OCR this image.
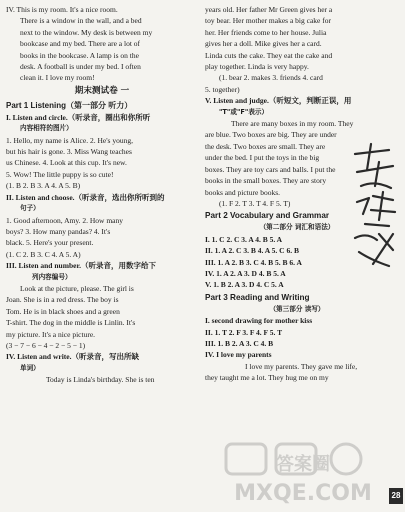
IV. This is my room. It's a nice room.
There is a window in the wall, and a bed
next to the window. My desk is between my
bookcase and my bed. There are a lot of
books in the bookcase. A lamp is on the
desk. A football is under my bed. I often
clean it. I love my room!
期末测试卷 一
Part 1 Listening（第一部分 听力）
I. Listen and circle.（听录音，圈出和你所听
内容相符的图片）
1. Hello, my name is Alice. 2. He's young,
but his hair is gone. 3. Miss Wang teaches
us Chinese. 4. Look at this cup. It's new.
5. Wow! The little puppy is so cute!
(1. B 2. B 3. A 4. A 5. B)
II. Listen and choose.（听录音，选出你所听到的
句子）
1. Good afternoon, Amy. 2. How many
boys? 3. How many pandas? 4. It's
black. 5. Here's your present.
(1. C 2. B 3. C 4. A 5. A)
III. Listen and number.（听录音，用数字给下
列内容编号）
Look at the picture, please. The girl is
Joan. She is in a red dress. The boy is
Tom. He is in black shoes and a green
T-shirt. The dog in the middle is Linlin. It's
my picture. It's a nice picture.
(3 − 7 − 6 − 4 − 2 − 5 − 1)
IV. Listen and write.（听录音，写出所缺
单词）
Today is Linda's birthday. She is ten
years old. Her father Mr Green gives her a
toy bear. Her mother makes a big cake for
her. Her friends come to her house. Julia
gives her a doll. Mike gives her a card.
Linda cuts the cake. They eat the cake and
play together. Linda is very happy.
(1. bear 2. makes 3. friends 4. card
5. together)
V. Listen and judge.（听短文，判断正误，用
"T"或"F"表示）
There are many boxes in my room. They
are blue. Two boxes are big. They are under
the desk. Two boxes are small. They are
under the bed. I put the toys in the big
boxes. They are toy cars and balls. I put the
books in the small boxes. They are story
books and picture books.
(1. F 2. T 3. T 4. F 5. T)
Part 2 Vocabulary and Grammar
（第二部分 词汇和语法）
I. 1. C 2. C 3. A 4. B 5. A
II. 1. A 2. C 3. B 4. A 5. C 6. B
III. 1. A 2. B 3. C 4. B 5. B 6. A
IV. 1. A 2. A 3. D 4. B 5. A
V. 1. B 2. A 3. D 4. C 5. A
Part 3 Reading and Writing
（第三部分 读写）
I. second drawing for mother kiss
II. 1. T 2. F 3. F 4. F 5. T
III. 1. B 2. A 3. C 4. B
IV. I love my parents
I love my parents. They gave me life,
they taught me a lot. They hug me on my
答案圈
MXQE.COM	28
